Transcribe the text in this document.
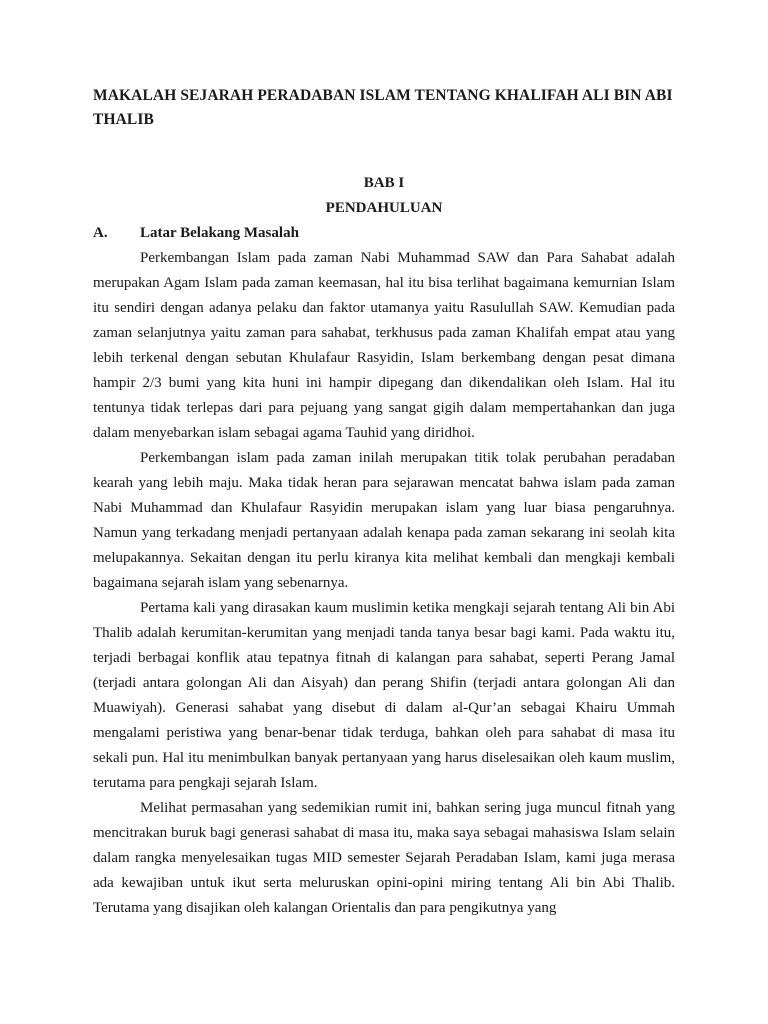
MAKALAH SEJARAH PERADABAN ISLAM TENTANG KHALIFAH ALI BIN ABI THALIB

BAB I

PENDAHULUAN

A.	Latar Belakang Masalah

Perkembangan Islam pada zaman Nabi Muhammad SAW dan Para Sahabat adalah merupakan Agam Islam pada zaman keemasan, hal itu bisa terlihat bagaimana kemurnian Islam itu sendiri dengan adanya pelaku dan faktor utamanya yaitu Rasulullah SAW. Kemudian pada zaman selanjutnya yaitu zaman para sahabat, terkhusus pada zaman Khalifah empat atau yang lebih terkenal dengan sebutan Khulafaur Rasyidin, Islam berkembang dengan pesat dimana hampir 2/3 bumi yang kita huni ini hampir dipegang dan dikendalikan oleh Islam. Hal itu tentunya tidak terlepas dari para pejuang yang sangat gigih dalam mempertahankan dan juga dalam menyebarkan islam sebagai agama Tauhid yang diridhoi.

Perkembangan islam pada zaman inilah merupakan titik tolak perubahan peradaban kearah yang lebih maju. Maka tidak heran para sejarawan mencatat bahwa islam pada zaman Nabi Muhammad dan Khulafaur Rasyidin merupakan islam yang luar biasa pengaruhnya. Namun yang terkadang menjadi pertanyaan adalah kenapa pada zaman sekarang ini seolah kita melupakannya. Sekaitan dengan itu perlu kiranya kita melihat kembali dan mengkaji kembali bagaimana sejarah islam yang sebenarnya.

Pertama kali yang dirasakan kaum muslimin ketika mengkaji sejarah tentang Ali bin Abi Thalib adalah kerumitan-kerumitan yang menjadi tanda tanya besar bagi kami. Pada waktu itu, terjadi berbagai konflik atau tepatnya fitnah di kalangan para sahabat, seperti Perang Jamal (terjadi antara golongan Ali dan Aisyah) dan perang Shifin (terjadi antara golongan Ali dan Muawiyah). Generasi sahabat yang disebut di dalam al-Qur’an sebagai Khairu Ummah mengalami peristiwa yang benar-benar tidak terduga, bahkan oleh para sahabat di masa itu sekali pun. Hal itu menimbulkan banyak pertanyaan yang harus diselesaikan oleh kaum muslim, terutama para pengkaji sejarah Islam.

Melihat permasahan yang sedemikian rumit ini, bahkan sering juga muncul fitnah yang mencitrakan buruk bagi generasi sahabat di masa itu, maka saya sebagai mahasiswa Islam selain dalam rangka menyelesaikan tugas MID semester Sejarah Peradaban Islam, kami juga merasa ada kewajiban untuk ikut serta meluruskan opini-opini miring tentang Ali bin Abi Thalib. Terutama yang disajikan oleh kalangan Orientalis dan para pengikutnya yang
